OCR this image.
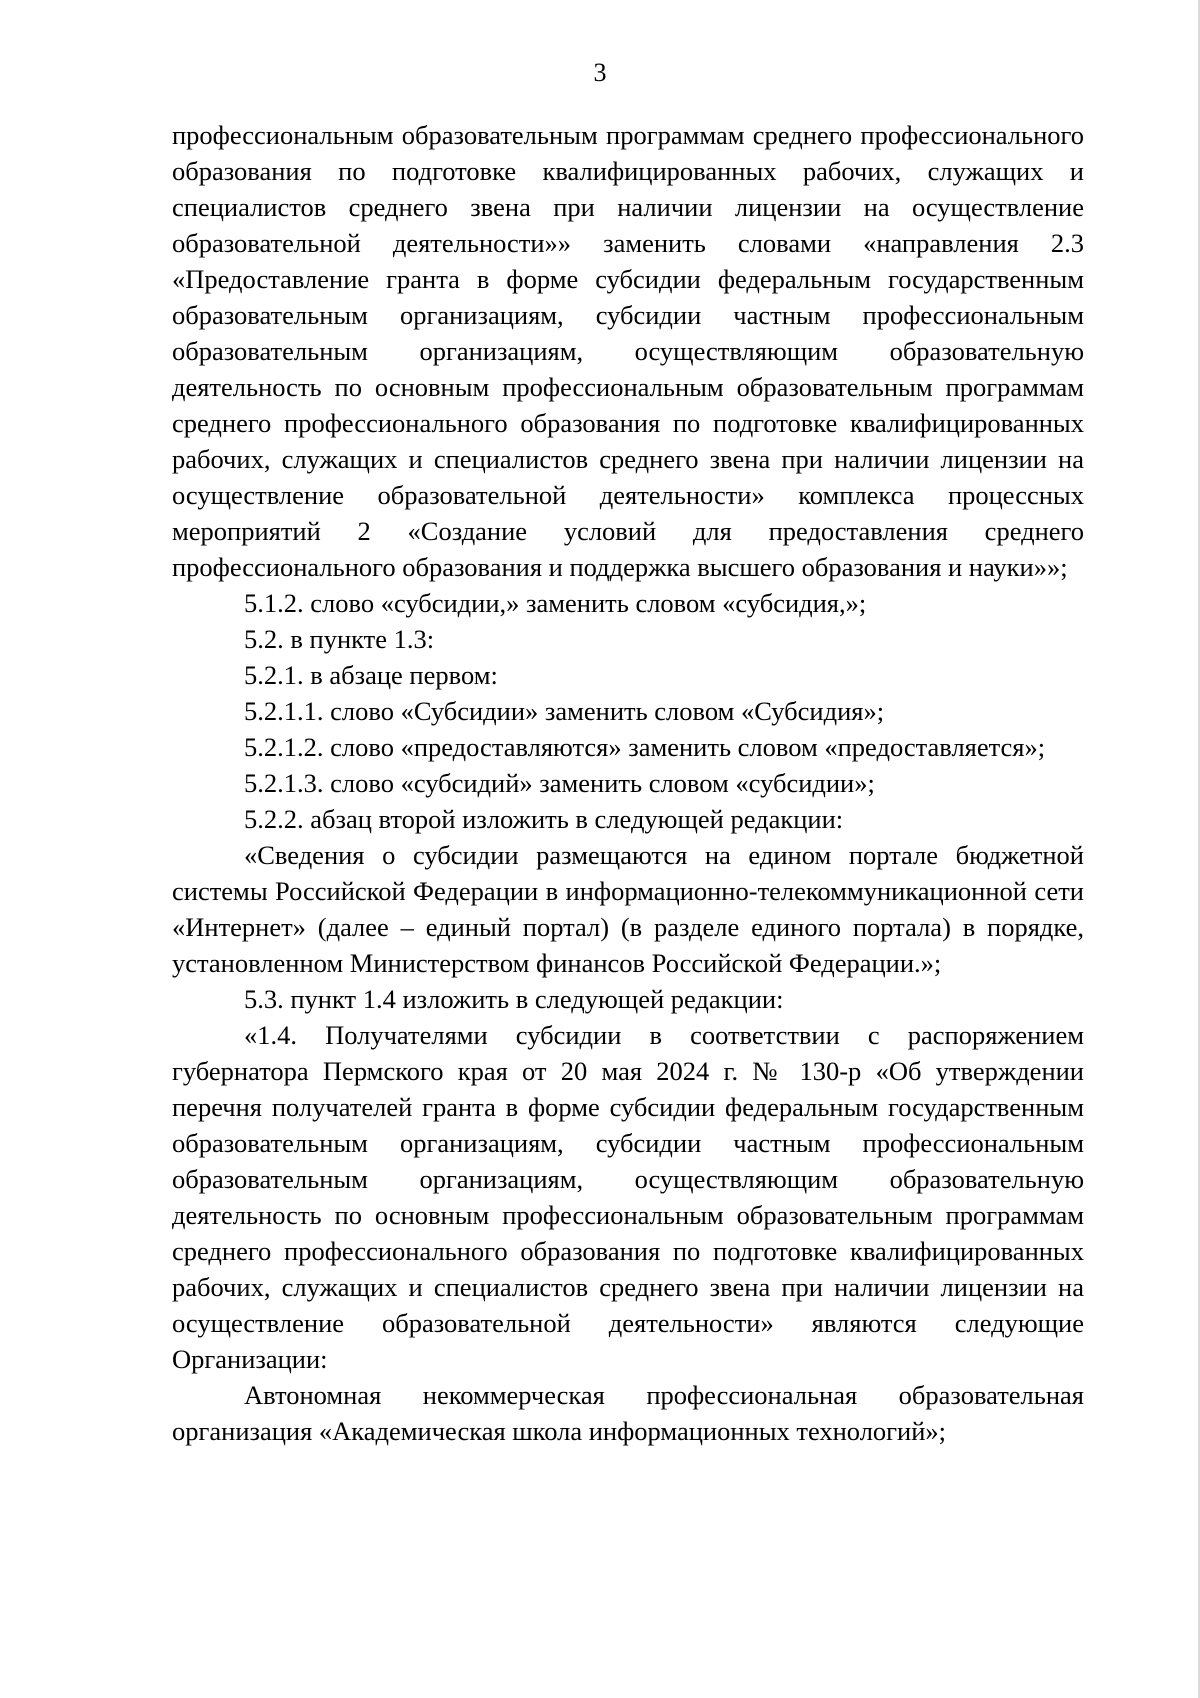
3

профессиональным образовательным программам среднего профессионального образования по подготовке квалифицированных рабочих, служащих и специалистов среднего звена при наличии лицензии на осуществление образовательной деятельности»» заменить словами «направления 2.3 «Предоставление гранта в форме субсидии федеральным государственным образовательным организациям, субсидии частным профессиональным образовательным организациям, осуществляющим образовательную деятельность по основным профессиональным образовательным программам среднего профессионального образования по подготовке квалифицированных рабочих, служащих и специалистов среднего звена при наличии лицензии на осуществление образовательной деятельности» комплекса процессных мероприятий 2 «Создание условий для предоставления среднего профессионального образования и поддержка высшего образования и науки»»;

5.1.2. слово «субсидии,» заменить словом «субсидия,»;

5.2. в пункте 1.3:

5.2.1. в абзаце первом:

5.2.1.1. слово «Субсидии» заменить словом «Субсидия»;

5.2.1.2. слово «предоставляются» заменить словом «предоставляется»;

5.2.1.3. слово «субсидий» заменить словом «субсидии»;

5.2.2. абзац второй изложить в следующей редакции:

«Сведения о субсидии размещаются на едином портале бюджетной системы Российской Федерации в информационно-телекоммуникационной сети «Интернет» (далее – единый портал) (в разделе единого портала) в порядке, установленном Министерством финансов Российской Федерации.»;

5.3. пункт 1.4 изложить в следующей редакции:

«1.4. Получателями субсидии в соответствии с распоряжением губернатора Пермского края от 20 мая 2024 г. № 130-р «Об утверждении перечня получателей гранта в форме субсидии федеральным государственным образовательным организациям, субсидии частным профессиональным образовательным организациям, осуществляющим образовательную деятельность по основным профессиональным образовательным программам среднего профессионального образования по подготовке квалифицированных рабочих, служащих и специалистов среднего звена при наличии лицензии на осуществление образовательной деятельности» являются следующие Организации:

Автономная некоммерческая профессиональная образовательная организация «Академическая школа информационных технологий»;
